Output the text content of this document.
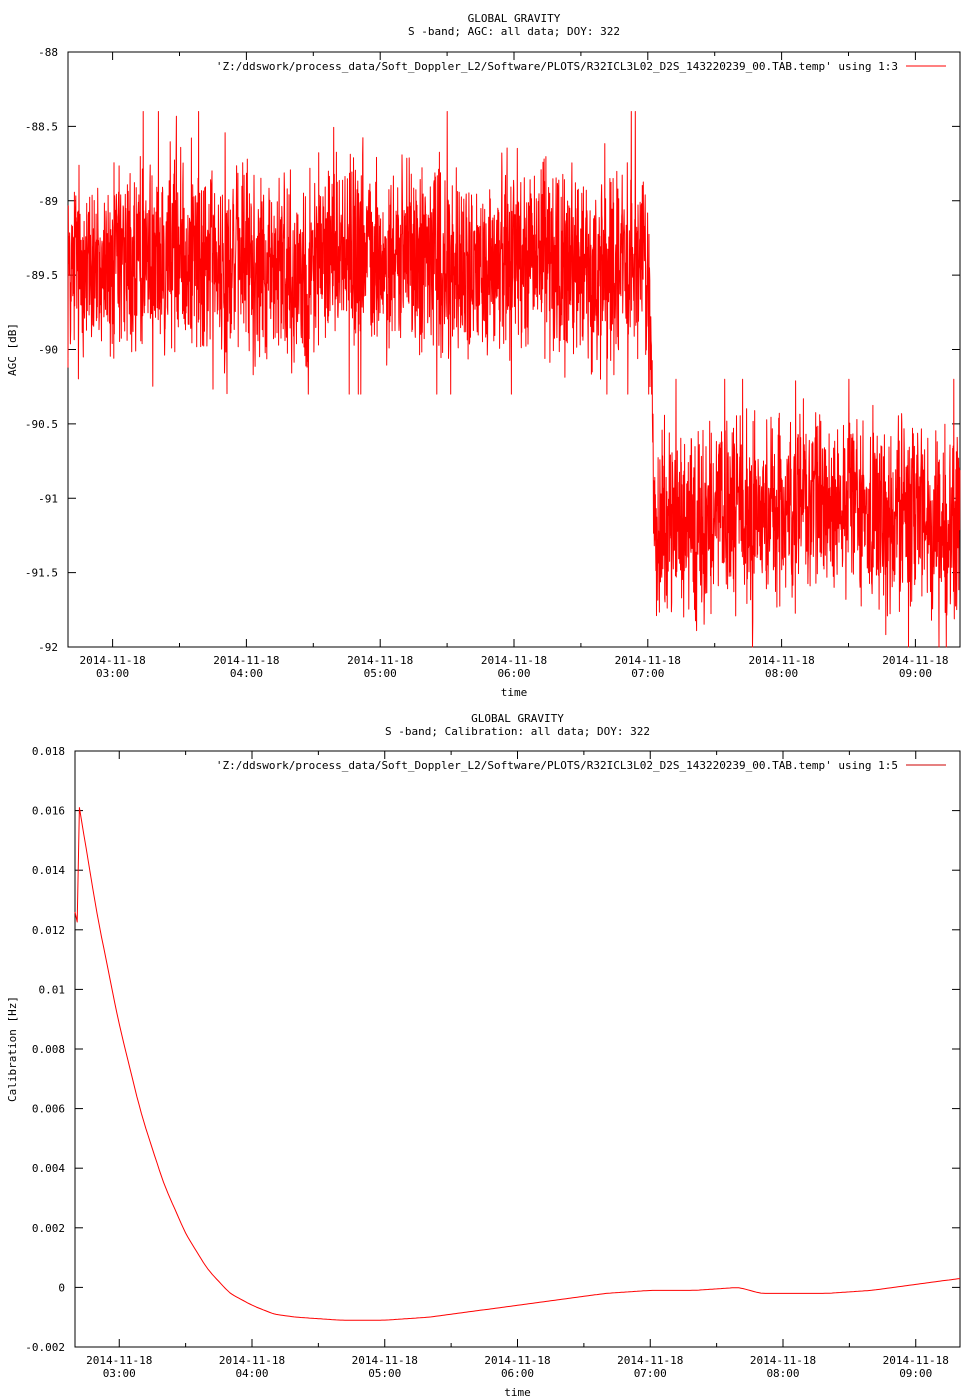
GLOBAL GRAVITY
S -band; AGC: all data; DOY: 322
-88
-88.5
-89
-89.5
-90
-90.5
-91
-91.5
-92
2014-11-18
03:00
2014-11-18
04:00
2014-11-18
05:00
2014-11-18
06:00
2014-11-18
07:00
2014-11-18
08:00
2014-11-18
09:00
time
AGC [dB]
'Z:/ddswork/process_data/Soft_Doppler_L2/Software/PLOTS/R32ICL3L02_D2S_143220239_00.TAB.temp' using 1:3
GLOBAL GRAVITY
S -band; Calibration: all data; DOY: 322
0.018
0.016
0.014
0.012
0.01
0.008
0.006
0.004
0.002
0
-0.002
2014-11-18
03:00
2014-11-18
04:00
2014-11-18
05:00
2014-11-18
06:00
2014-11-18
07:00
2014-11-18
08:00
2014-11-18
09:00
time
Calibration [Hz]
'Z:/ddswork/process_data/Soft_Doppler_L2/Software/PLOTS/R32ICL3L02_D2S_143220239_00.TAB.temp' using 1:5
